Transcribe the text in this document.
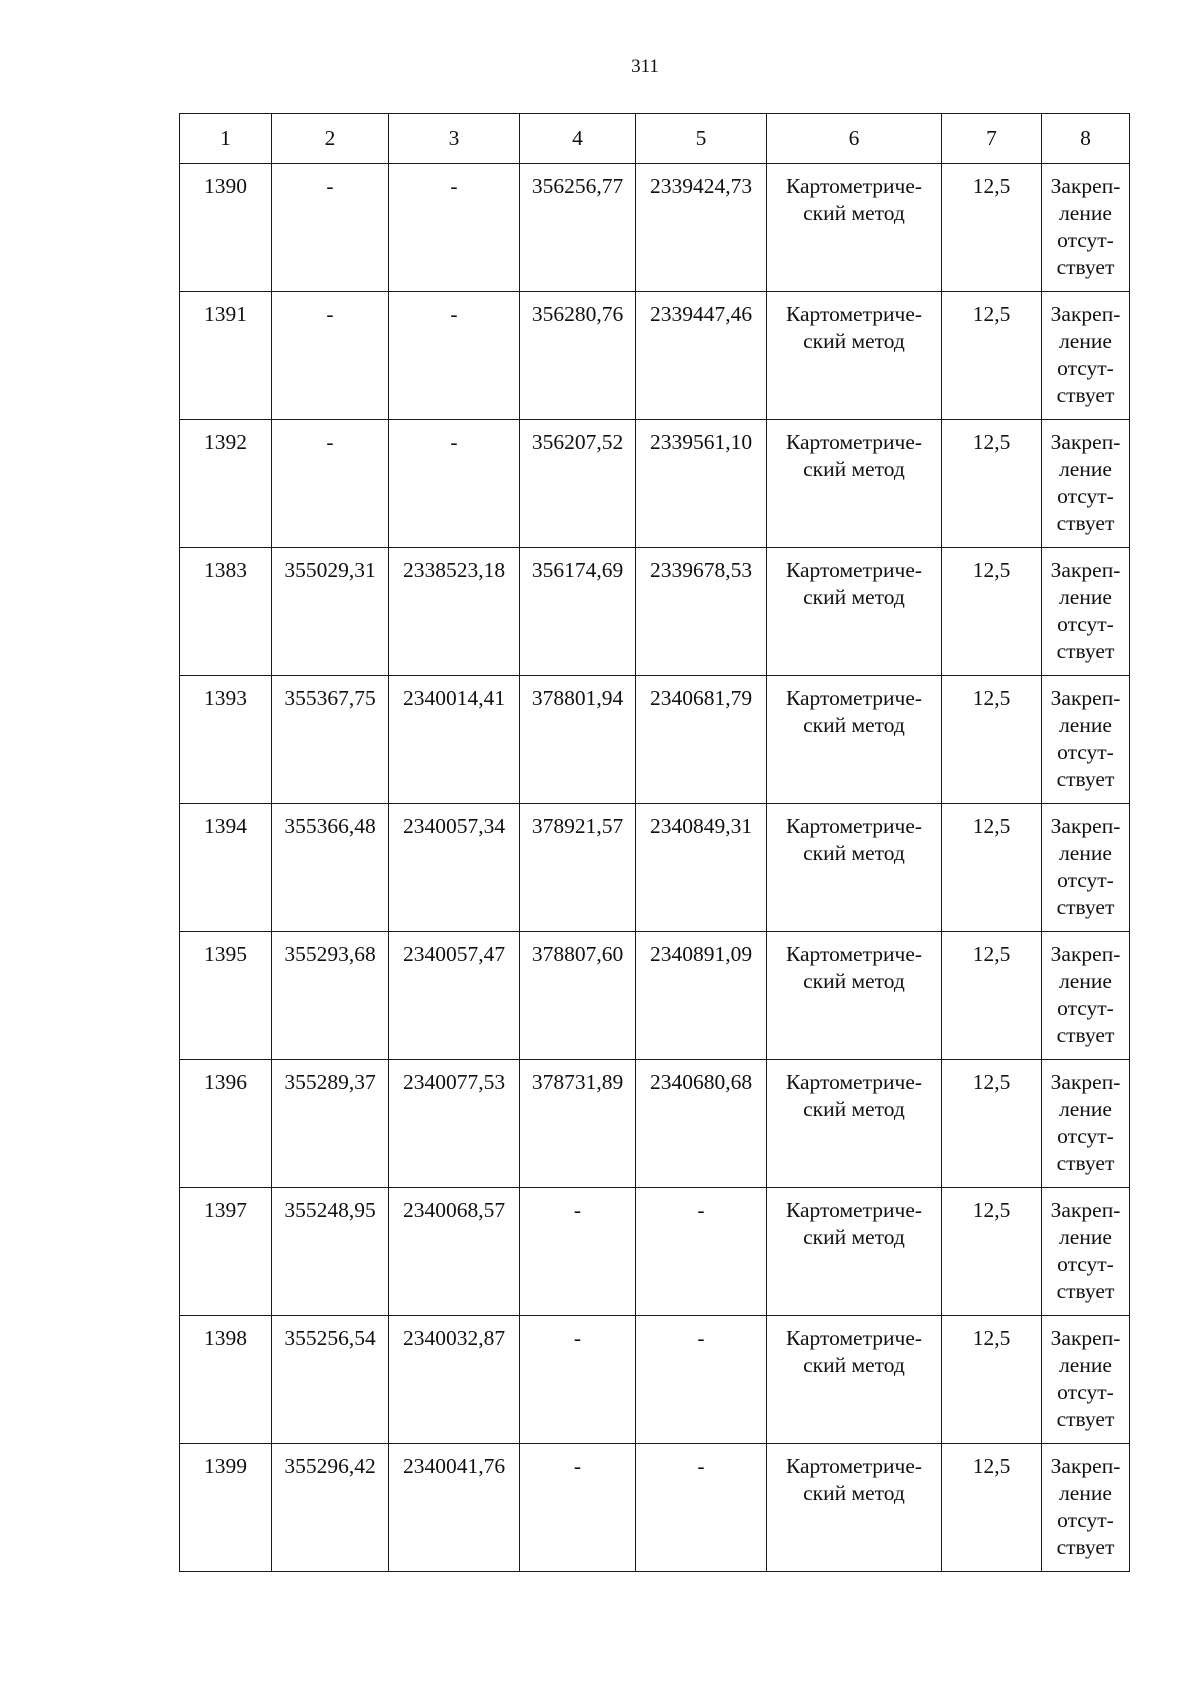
311
1	2	3	4	5	6	7	8
1390	-	-	356256,77	2339424,73	Картометриче-
ский метод	12,5	Закреп-
ление
отсут-
ствует

1391	-	-	356280,76	2339447,46	Картометриче-
ский метод	12,5	Закреп-
ление
отсут-
ствует

1392	-	-	356207,52	2339561,10	Картометриче-
ский метод	12,5	Закреп-
ление
отсут-
ствует

1383	355029,31	2338523,18	356174,69	2339678,53	Картометриче-
ский метод	12,5	Закреп-
ление
отсут-
ствует

1393	355367,75	2340014,41	378801,94	2340681,79	Картометриче-
ский метод	12,5	Закреп-
ление
отсут-
ствует

1394	355366,48	2340057,34	378921,57	2340849,31	Картометриче-
ский метод	12,5	Закреп-
ление
отсут-
ствует

1395	355293,68	2340057,47	378807,60	2340891,09	Картометриче-
ский метод	12,5	Закреп-
ление
отсут-
ствует

1396	355289,37	2340077,53	378731,89	2340680,68	Картометриче-
ский метод	12,5	Закреп-
ление
отсут-
ствует

1397	355248,95	2340068,57	-	-	Картометриче-
ский метод	12,5	Закреп-
ление
отсут-
ствует

1398	355256,54	2340032,87	-	-	Картометриче-
ский метод	12,5	Закреп-
ление
отсут-
ствует

1399	355296,42	2340041,76	-	-	Картометриче-
ский метод	12,5	Закреп-
ление
отсут-
ствует
